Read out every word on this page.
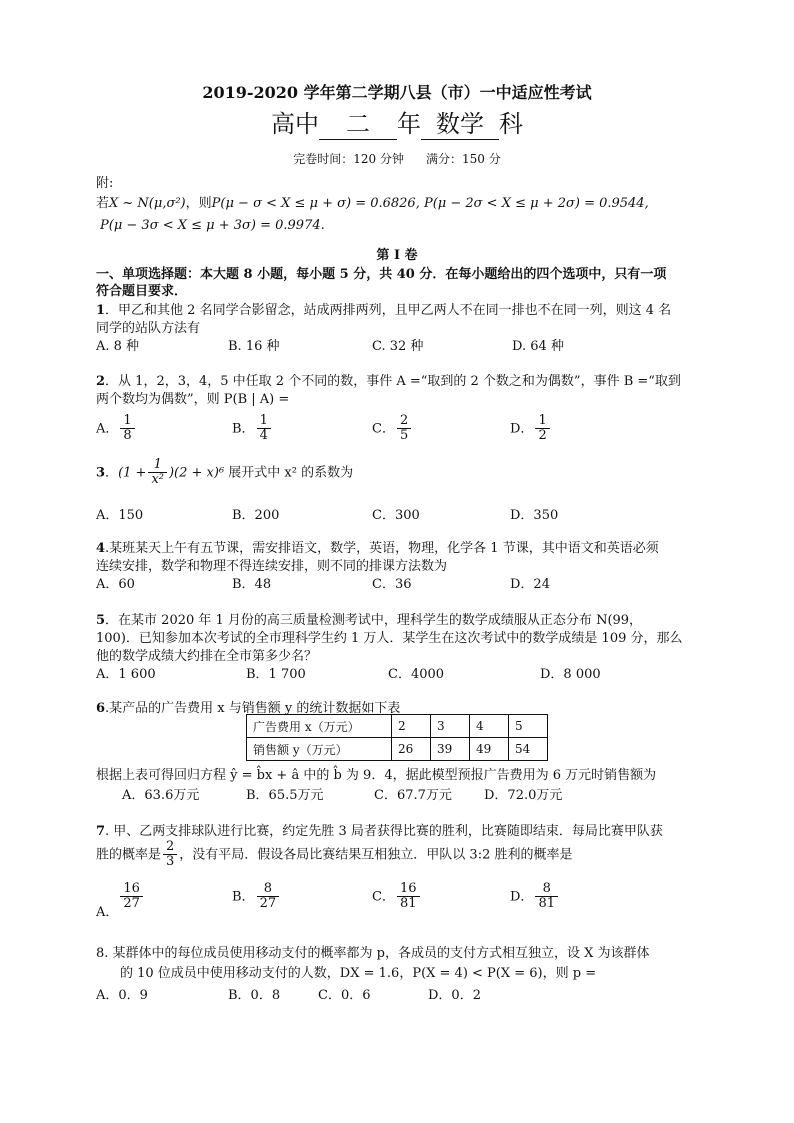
2019-2020 学年第二学期八县（市）一中适应性考试
高中 二 年 数学 科
完卷时间：120 分钟 满分：150 分
附:
若X ~ N(μ,σ²)，则P(μ − σ < X ≤ μ + σ) = 0.6826, P(μ − 2σ < X ≤ μ + 2σ) = 0.9544,
P(μ − 3σ < X ≤ μ + 3σ) = 0.9974.
第 I 卷
一、单项选择题：本大题 8 小题，每小题 5 分，共 40 分．在每小题给出的四个选项中，只有一项
符合题目要求．
1．甲乙和其他 2 名同学合影留念，站成两排两列，且甲乙两人不在同一排也不在同一列，则这 4 名
同学的站队方法有
A. 8 种	B. 16 种	C. 32 种	D. 64 种
2．从 1，2，3，4，5 中任取 2 个不同的数，事件 A =“取到的 2 个数之和为偶数”，事件 B =“取到
两个数均为偶数”，则 P(B | A) =
A． $\frac{1}{8}$	B． $\frac{1}{4}$	C． $\frac{2}{5}$	D． $\frac{1}{2}$
3．$(1 + \frac{1}{\text{x²}} )(2 + x)^6$ 展开式中 x² 的系数为
A．150	B．200	C．300	D．350
4.某班某天上午有五节课，需安排语文，数学，英语，物理，化学各 1 节课，其中语文和英语必须
连续安排，数学和物理不得连续安排，则不同的排课方法数为
A．60	B．48	C．36	D．24
5．在某市 2020 年 1 月份的高三质量检测考试中，理科学生的数学成绩服从正态分布 N(99，
100)．已知参加本次考试的全市理科学生约 1 万人．某学生在这次考试中的数学成绩是 109 分，那么
他的数学成绩大约排在全市第多少名？
A．1 600	B．1 700	C．4000	D．8 000
6.某产品的广告费用 x 与销售额 y 的统计数据如下表
广告费用 x（万元）	2	3	4	5
销售额 y（万元）	26	39	49	54
根据上表可得回归方程 ŷ = b̂x + â 中的 b̂ 为 9．4，据此模型预报广告费用为 6 万元时销售额为
A．63.6万元	B．65.5万元	C．67.7万元 D．72.0万元
7. 甲、乙两支排球队进行比赛，约定先胜 3 局者获得比赛的胜利，比赛随即结束．每局比赛甲队获
胜的概率是 $\frac{2}{3}$ ，没有平局．假设各局比赛结果互相独立．甲队以 3:2 胜利的概率是
A．
$\frac{16}{27}$	B． $\frac{8}{27}$	C． $\frac{16}{81}$	D． $\frac{8}{81}$
8. 某群体中的每位成员使用移动支付的概率都为 p，各成员的支付方式相互独立，设 X 为该群体
的 10 位成员中使用移动支付的人数，DX = 1.6，P(X = 4) < P(X = 6)，则 p =
A．0．9	B．0．8	C．0．6	D．0．2
